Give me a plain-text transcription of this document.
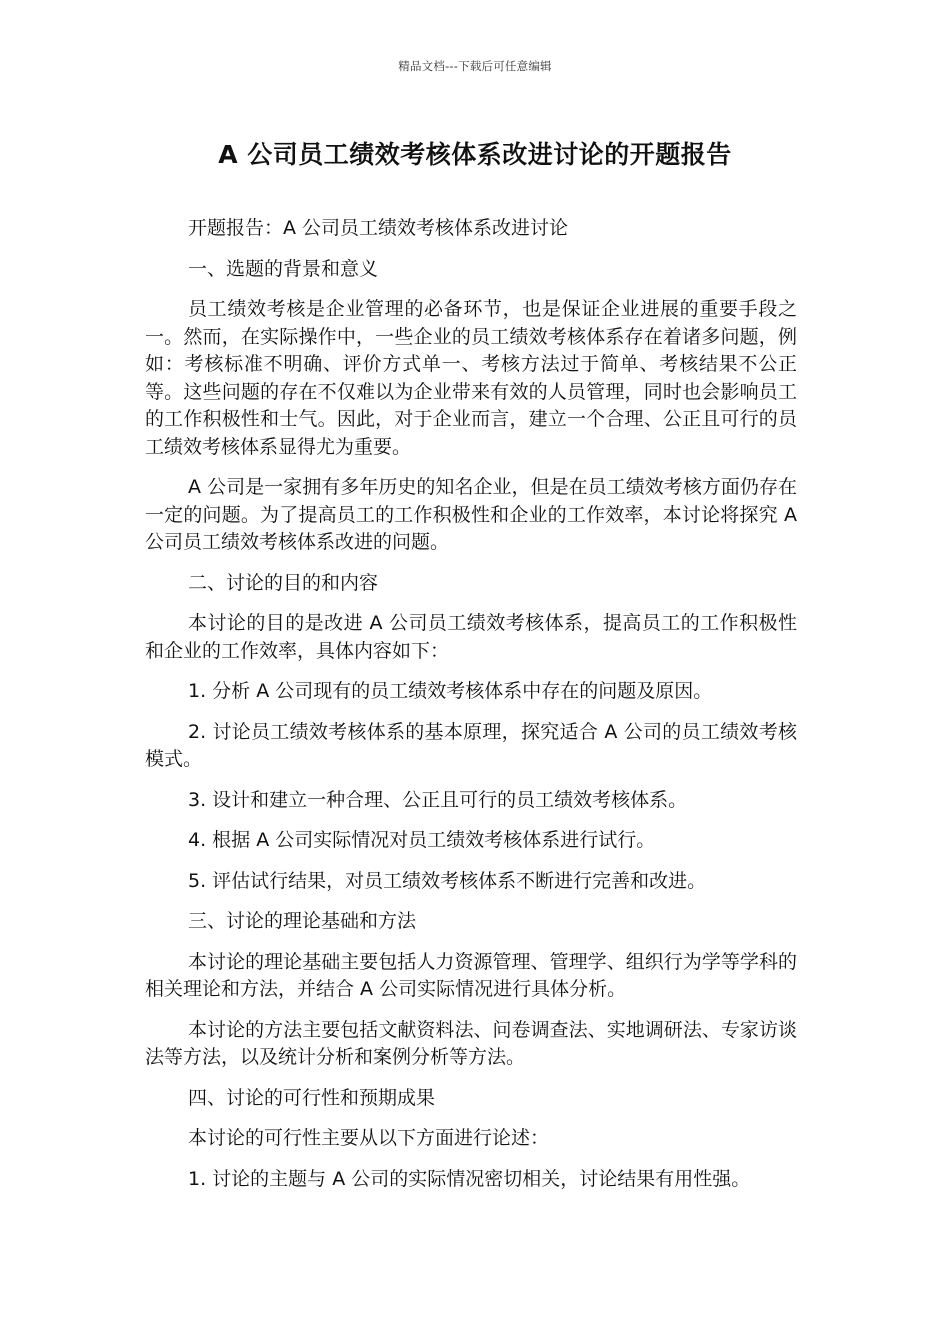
精品文档---下载后可任意编辑
A 公司员工绩效考核体系改进讨论的开题报告

开题报告：A 公司员工绩效考核体系改进讨论

一、选题的背景和意义

员工绩效考核是企业管理的必备环节，也是保证企业进展的重要手段之一。然而，在实际操作中，一些企业的员工绩效考核体系存在着诸多问题，例如：考核标准不明确、评价方式单一、考核方法过于简单、考核结果不公正等。这些问题的存在不仅难以为企业带来有效的人员管理，同时也会影响员工的工作积极性和士气。因此，对于企业而言，建立一个合理、公正且可行的员工绩效考核体系显得尤为重要。

A 公司是一家拥有多年历史的知名企业，但是在员工绩效考核方面仍存在一定的问题。为了提高员工的工作积极性和企业的工作效率，本讨论将探究 A 公司员工绩效考核体系改进的问题。

二、讨论的目的和内容

本讨论的目的是改进 A 公司员工绩效考核体系，提高员工的工作积极性和企业的工作效率，具体内容如下：

1. 分析 A 公司现有的员工绩效考核体系中存在的问题及原因。

2. 讨论员工绩效考核体系的基本原理，探究适合 A 公司的员工绩效考核模式。

3. 设计和建立一种合理、公正且可行的员工绩效考核体系。

4. 根据 A 公司实际情况对员工绩效考核体系进行试行。

5. 评估试行结果，对员工绩效考核体系不断进行完善和改进。

三、讨论的理论基础和方法

本讨论的理论基础主要包括人力资源管理、管理学、组织行为学等学科的相关理论和方法，并结合 A 公司实际情况进行具体分析。

本讨论的方法主要包括文献资料法、问卷调查法、实地调研法、专家访谈法等方法，以及统计分析和案例分析等方法。

四、讨论的可行性和预期成果

本讨论的可行性主要从以下方面进行论述：

1. 讨论的主题与 A 公司的实际情况密切相关，讨论结果有用性强。
